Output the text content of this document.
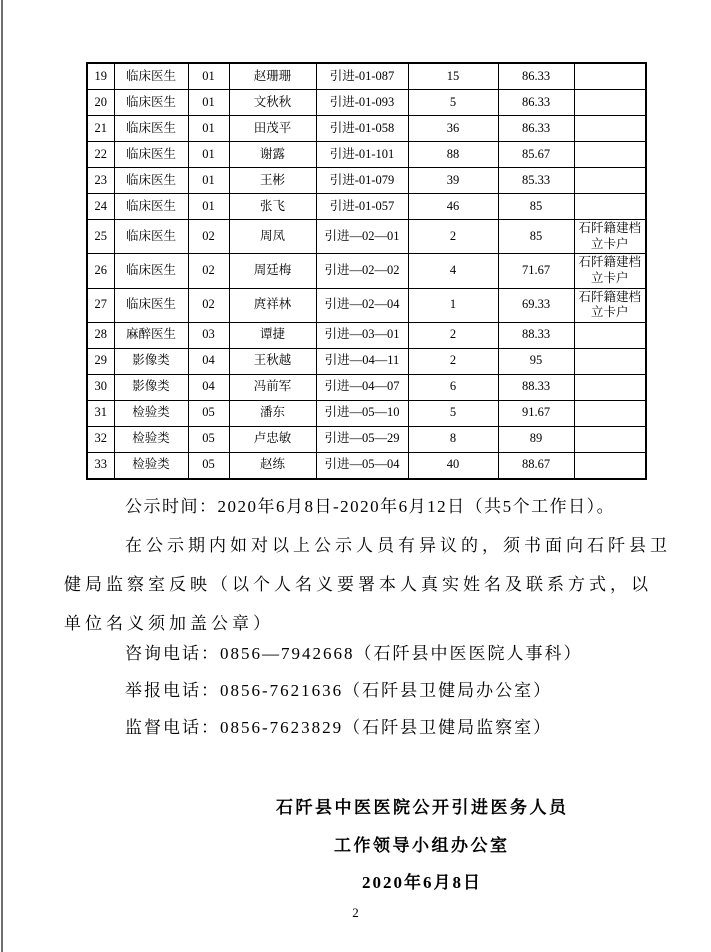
19	临床医生	01	赵珊珊	引进-01-087	15	86.33	
20	临床医生	01	文秋秋	引进-01-093	5	86.33	
21	临床医生	01	田茂平	引进-01-058	36	86.33	
22	临床医生	01	谢露	引进-01-101	88	85.67	
23	临床医生	01	王彬	引进-01-079	39	85.33	
24	临床医生	01	张飞	引进-01-057	46	85	
25	临床医生	02	周凤	引进—02—01	2	85	石阡籍建档立卡户
26	临床医生	02	周廷梅	引进—02—02	4	71.67	石阡籍建档立卡户
27	临床医生	02	庹祥林	引进—02—04	1	69.33	石阡籍建档立卡户
28	麻醉医生	03	谭捷	引进—03—01	2	88.33	
29	影像类	04	王秋越	引进—04—11	2	95	
30	影像类	04	冯前军	引进—04—07	6	88.33	
31	检验类	05	潘东	引进—05—10	5	91.67	
32	检验类	05	卢忠敏	引进—05—29	8	89	
33	检验类	05	赵练	引进—05—04	40	88.67	
公示时间：2020年6月8日-2020年6月12日（共5个工作日）。
在公示期内如对以上公示人员有异议的，须书面向石阡县卫
健局监察室反映（以个人名义要署本人真实姓名及联系方式，以
单位名义须加盖公章）
咨询电话：0856—7942668（石阡县中医医院人事科）
举报电话：0856-7621636（石阡县卫健局办公室）
监督电话：0856-7623829（石阡县卫健局监察室）
石阡县中医医院公开引进医务人员
工作领导小组办公室
2020年6月8日
2
